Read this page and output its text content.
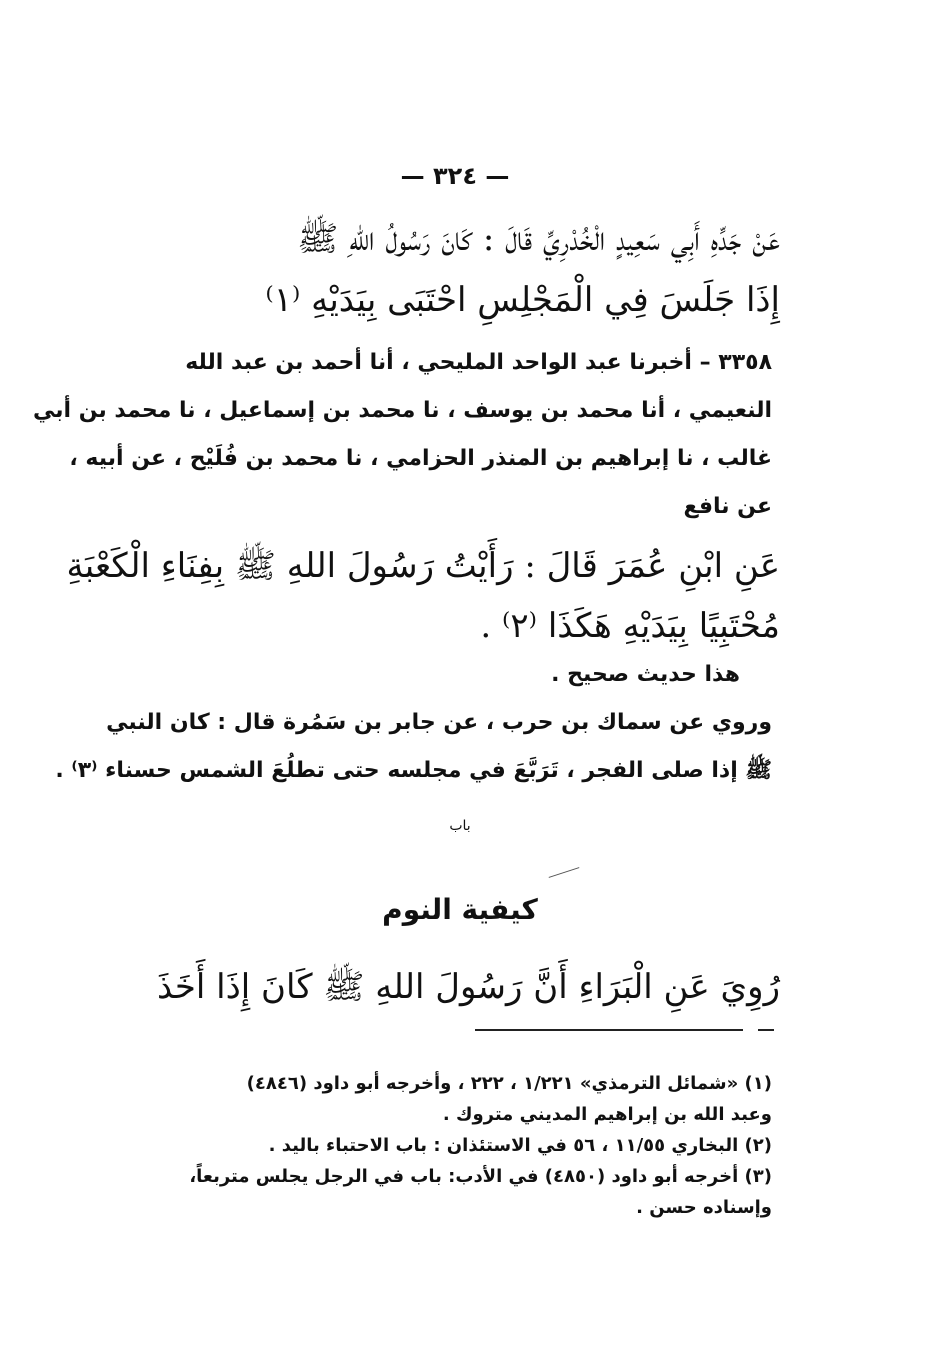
— ٣٢٤ —
عَنْ جَدِّهِ أَبِي سَعِيدٍ الْخُدْرِيِّ قَالَ : كَانَ رَسُولُ اللهِ ﷺ
إِذَا جَلَسَ فِي الْمَجْلِسِ احْتَبَى بِيَدَيْهِ ⁽١⁾
٣٣٥٨ – أخبرنا عبد الواحد المليحي ، أنا أحمد بن عبد الله
النعيمي ، أنا محمد بن يوسف ، نا محمد بن إسماعيل ، نا محمد بن أبي
غالب ، نا إبراهيم بن المنذر الحزامي ، نا محمد بن فُلَيْح ، عن أبيه ،
عن نافع
عَنِ ابْنِ عُمَرَ قَالَ : رَأَيْتُ رَسُولَ اللهِ ﷺ بِفِنَاءِ الْكَعْبَةِ
مُحْتَبِيًا بِيَدَيْهِ هَكَذَا ⁽٢⁾ .
هذا حديث صحيح .
وروي عن سماك بن حرب ، عن جابر بن سَمُرة قال : كان النبي
ﷺ إذا صلى الفجر ، تَرَبَّعَ في مجلسه حتى تطلُعَ الشمس حسناء ⁽٣⁾ .
باب
كيفية النوم
رُوِيَ عَنِ الْبَرَاءِ أَنَّ رَسُولَ اللهِ ﷺ كَانَ إِذَا أَخَذَ
(١) «شمائل الترمذي» ١/٢٢١ ، ٢٢٢ ، وأخرجه أبو داود (٤٨٤٦)
وعبد الله بن إبراهيم المديني متروك .
(٢) البخاري ١١/٥٥ ، ٥٦ في الاستئذان : باب الاحتباء باليد .
(٣) أخرجه أبو داود (٤٨٥٠) في الأدب: باب في الرجل يجلس متربعاً،
وإسناده حسن .
